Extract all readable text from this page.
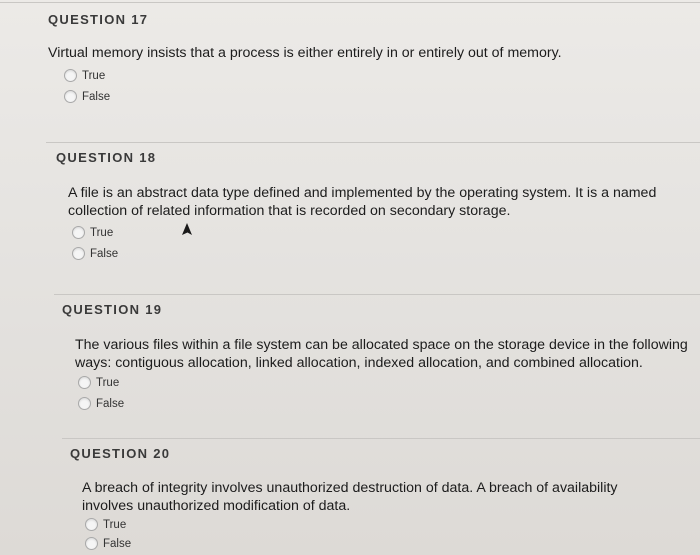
QUESTION 17
Virtual memory insists that a process is either entirely in or entirely out of memory.
True
False
QUESTION 18
A file is an abstract data type defined and implemented by the operating system. It is a named collection of related information that is recorded on secondary storage.
True
False
QUESTION 19
The various files within a file system can be allocated space on the storage device in the following ways: contiguous allocation, linked allocation, indexed allocation, and combined allocation.
True
False
QUESTION 20
A breach of integrity involves unauthorized destruction of data. A breach of availability involves unauthorized modification of data.
True
False
